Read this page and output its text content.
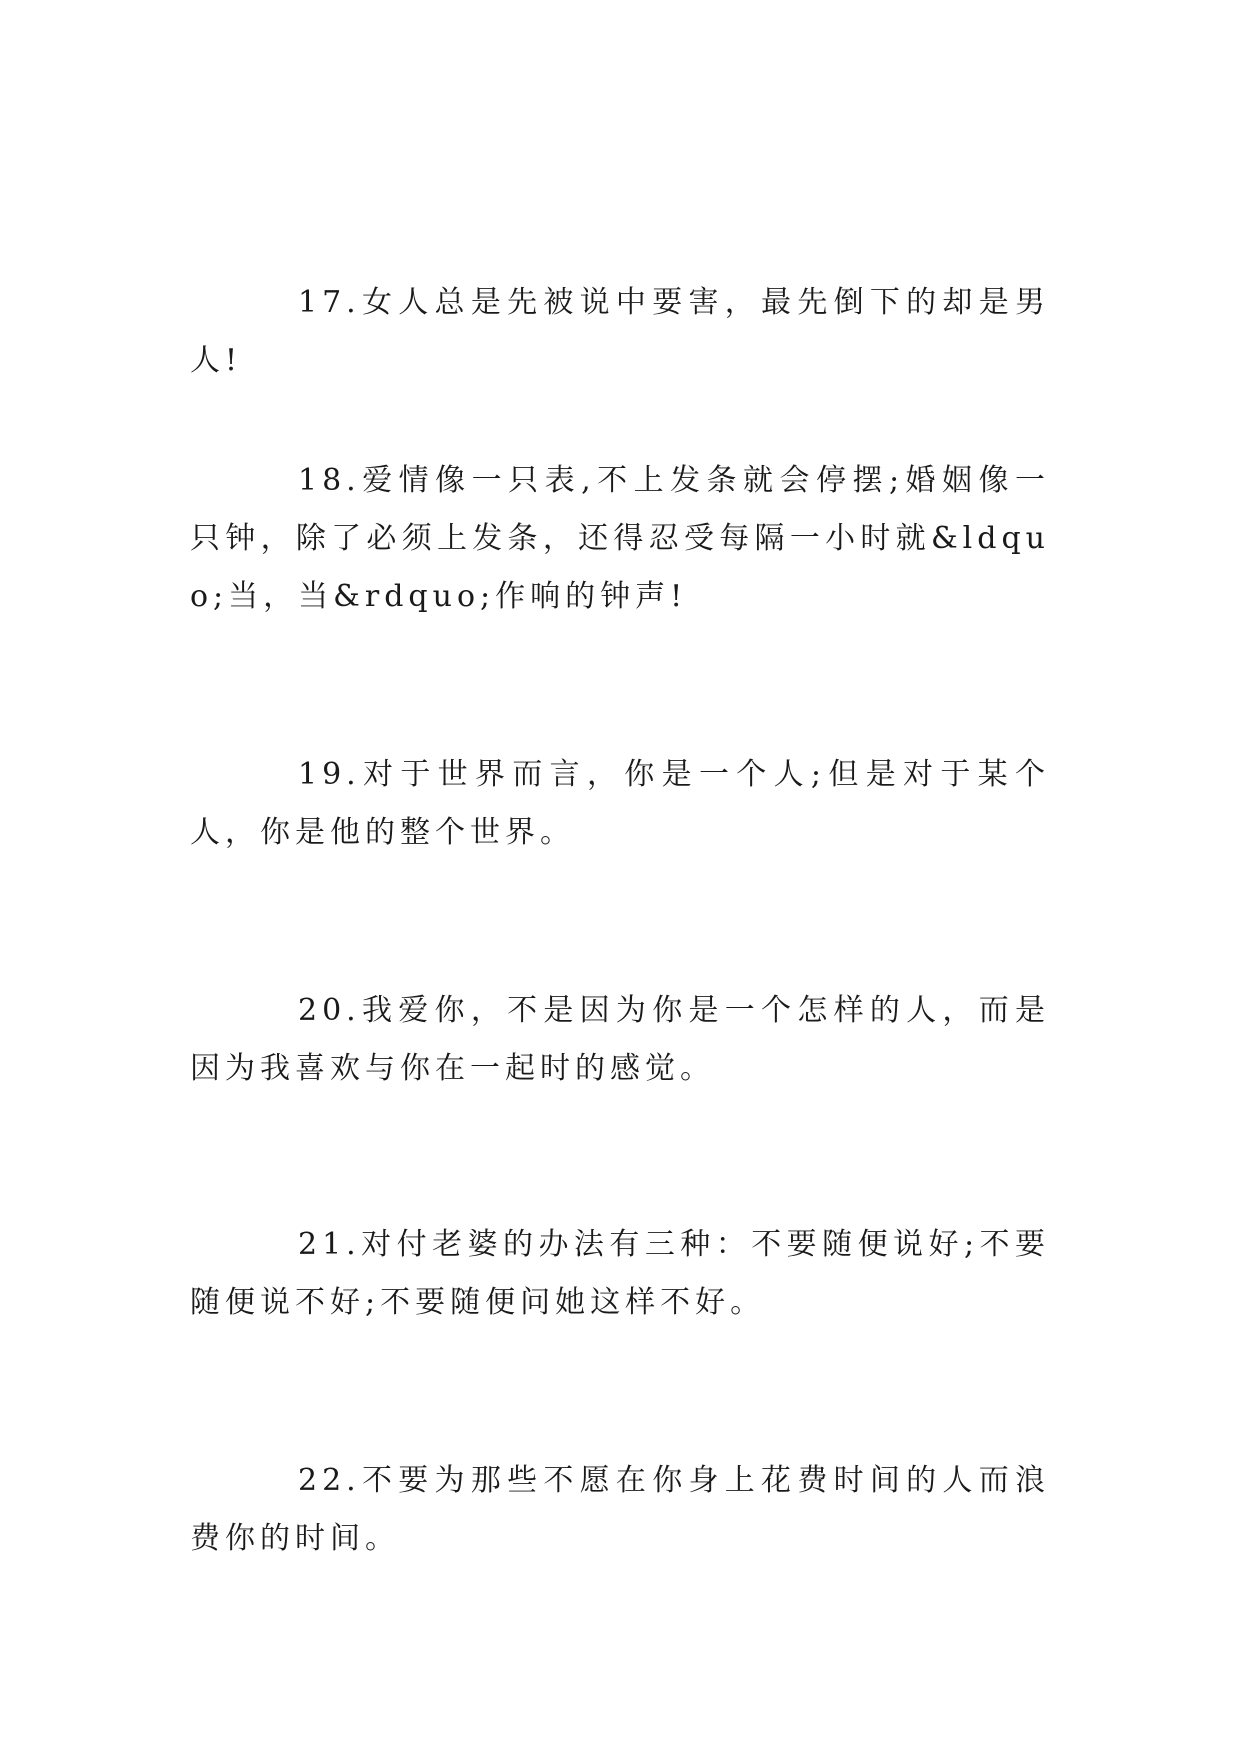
17.女人总是先被说中要害，最先倒下的却是男人!

18.爱情像一只表,不上发条就会停摆;婚姻像一只钟，除了必须上发条，还得忍受每隔一小时就&ldquo;当，当&rdquo;作响的钟声!

19.对于世界而言，你是一个人;但是对于某个人，你是他的整个世界。

20.我爱你，不是因为你是一个怎样的人，而是因为我喜欢与你在一起时的感觉。

21.对付老婆的办法有三种：不要随便说好;不要随便说不好;不要随便问她这样不好。

22.不要为那些不愿在你身上花费时间的人而浪费你的时间。
